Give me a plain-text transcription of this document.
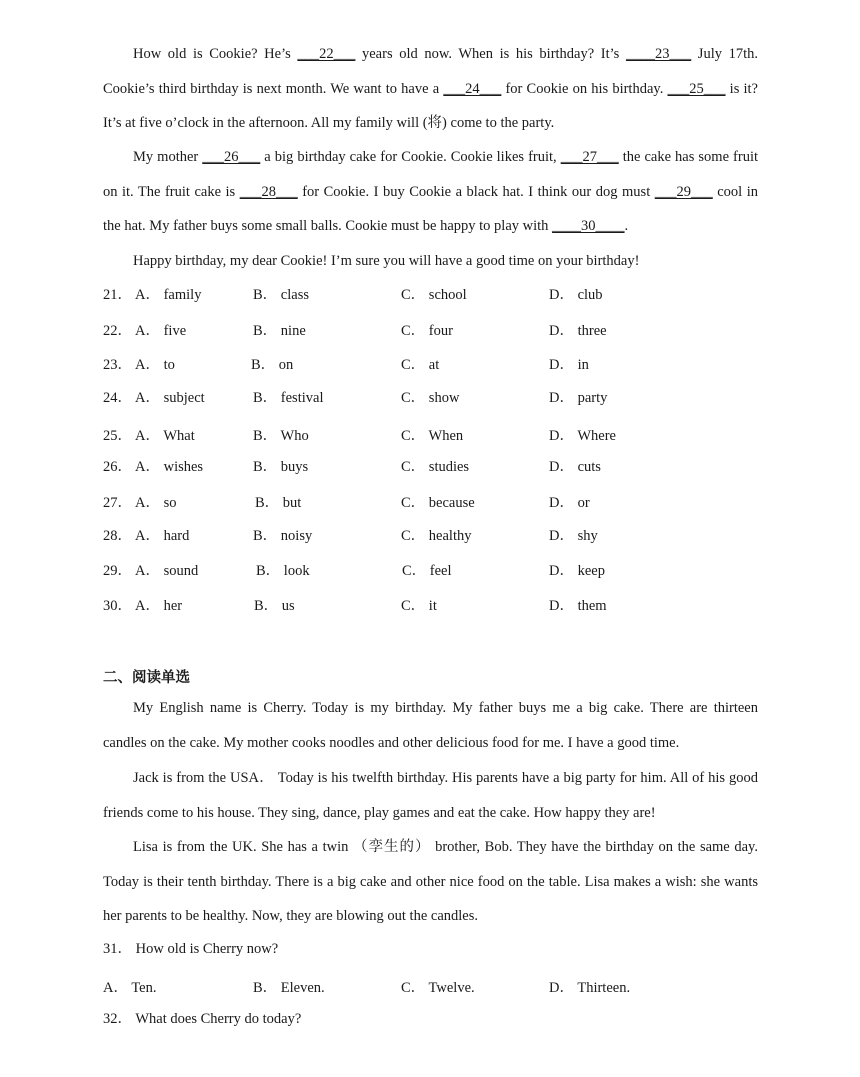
How old is Cookie? He’s ___22___ years old now. When is his birthday? It’s ____23___ July 17th. Cookie’s third birthday is next month. We want to have a ___24___ for Cookie on his birthday. ___25___ is it? It’s at five o’clock in the afternoon. All my family will (将) come to the party.

My mother ___26___ a big birthday cake for Cookie. Cookie likes fruit, ___27___ the cake has some fruit on it. The fruit cake is ___28___ for Cookie. I buy Cookie a black hat. I think our dog must ___29___ cool in the hat. My father buys some small balls. Cookie must be happy to play with ____30____.

Happy birthday, my dear Cookie! I’m sure you will have a good time on your birthday!

21． A． family	B． class	C． school	D． club
22． A． five	B． nine	C． four	D． three
23． A． to	B． on	C． at	D． in
24． A． subject	B． festival	C． show	D． party
25． A． What	B． Who	C． When	D． Where
26． A． wishes	B． buys	C． studies	D． cuts
27． A． so	B． but	C． because	D． or
28． A． hard	B． noisy	C． healthy	D． shy
29． A． sound	B． look	C． feel	D． keep
30． A． her	B． us	C． it	D． them
二、阅读单选

My English name is Cherry. Today is my birthday. My father buys me a big cake. There are thirteen candles on the cake. My mother cooks noodles and other delicious food for me. I have a good time.

Jack is from the USA． Today is his twelfth birthday. His parents have a big party for him. All of his good friends come to his house. They sing, dance, play games and eat the cake. How happy they are!

Lisa is from the UK. She has a twin （孪生的） brother, Bob. They have the birthday on the same day. Today is their tenth birthday. There is a big cake and other nice food on the table. Lisa makes a wish: she wants her parents to be healthy. Now, they are blowing out the candles.

31． How old is Cherry now?
A． Ten.	B． Eleven.	C． Twelve.	D． Thirteen.
32． What does Cherry do today?
